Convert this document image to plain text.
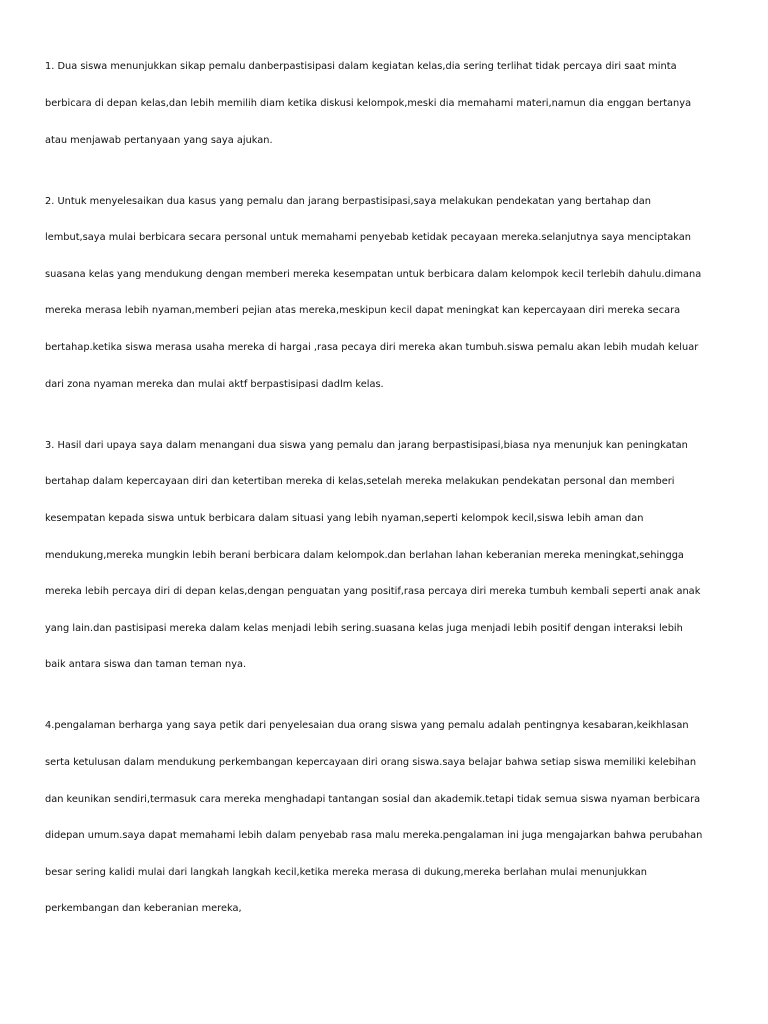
1. Dua siswa menunjukkan sikap pemalu danberpastisipasi dalam kegiatan kelas,dia sering terlihat tidak percaya diri saat minta

berbicara di depan kelas,dan lebih memilih diam ketika diskusi kelompok,meski dia memahami materi,namun dia enggan bertanya

atau menjawab pertanyaan yang saya ajukan.

2. Untuk menyelesaikan dua kasus yang pemalu dan jarang berpastisipasi,saya melakukan pendekatan yang bertahap dan

lembut,saya mulai berbicara secara personal untuk memahami penyebab ketidak pecayaan mereka.selanjutnya saya menciptakan

suasana kelas yang mendukung dengan memberi mereka kesempatan untuk berbicara dalam kelompok kecil terlebih dahulu.dimana

mereka merasa lebih nyaman,memberi pejian atas mereka,meskipun kecil dapat meningkat kan kepercayaan diri mereka secara

bertahap.ketika siswa merasa usaha mereka di hargai ,rasa pecaya diri mereka akan tumbuh.siswa pemalu akan lebih mudah keluar

dari zona nyaman mereka dan mulai aktf berpastisipasi dadlm kelas.

3. Hasil dari upaya saya dalam menangani dua siswa yang pemalu dan jarang berpastisipasi,biasa nya menunjuk kan peningkatan

bertahap dalam kepercayaan diri dan ketertiban mereka di kelas,setelah mereka melakukan pendekatan personal dan memberi

kesempatan kepada siswa untuk berbicara dalam situasi yang lebih nyaman,seperti kelompok kecil,siswa lebih aman dan

mendukung,mereka mungkin lebih berani berbicara dalam kelompok.dan berlahan lahan keberanian mereka meningkat,sehingga

mereka lebih percaya diri di depan kelas,dengan penguatan yang positif,rasa percaya diri mereka tumbuh kembali seperti anak anak

yang lain.dan pastisipasi mereka dalam kelas menjadi lebih sering.suasana kelas juga menjadi lebih positif dengan interaksi lebih

baik antara siswa dan taman teman nya.

4.pengalaman berharga yang saya petik dari penyelesaian dua orang siswa yang pemalu adalah pentingnya kesabaran,keikhlasan

serta ketulusan dalam mendukung perkembangan kepercayaan diri orang siswa.saya belajar bahwa setiap siswa memiliki kelebihan

dan keunikan sendiri,termasuk cara mereka menghadapi tantangan sosial dan akademik.tetapi tidak semua siswa nyaman berbicara

didepan umum.saya dapat memahami lebih dalam penyebab rasa malu mereka.pengalaman ini juga mengajarkan bahwa perubahan

besar sering kalidi mulai dari langkah langkah kecil,ketika mereka merasa di dukung,mereka berlahan mulai menunjukkan

perkembangan dan keberanian mereka,
